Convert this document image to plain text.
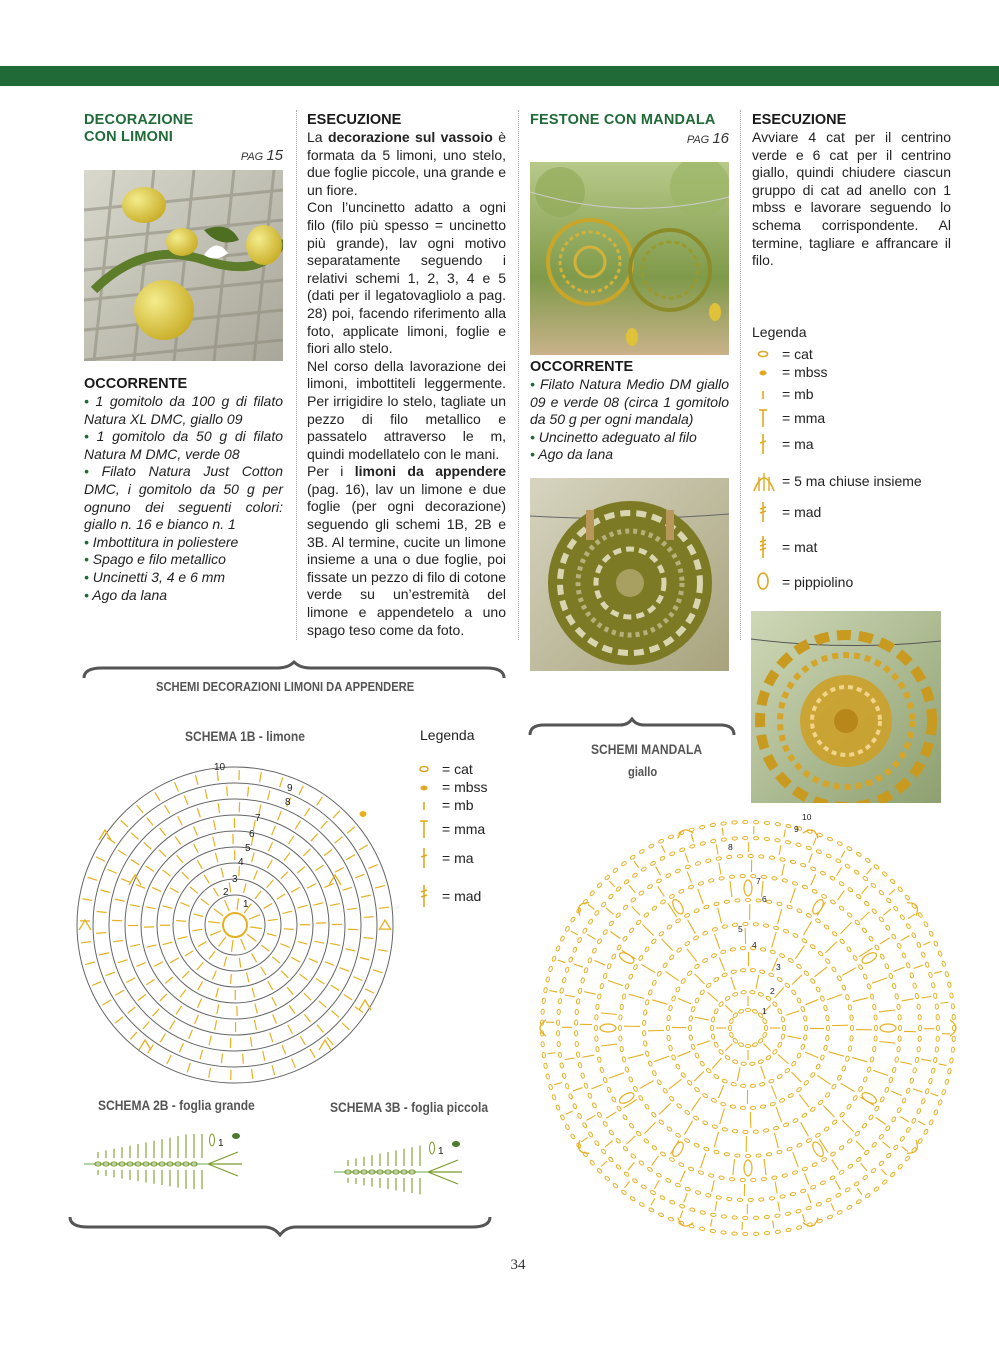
DECORAZIONE
CON LIMONI
PAG 15
OCCORRENTE
• 1 gomitolo da 100 g di filato Natura XL DMC, giallo 09
• 1 gomitolo da 50 g di filato Natura M DMC, verde 08
• Filato Natura Just Cotton DMC, i gomitolo da 50 g per ognuno dei seguenti colori: giallo n. 16 e bianco n. 1
• Imbottitura in poliestere
• Spago e filo metallico
• Uncinetti 3, 4 e 6 mm
• Ago da lana
ESECUZIONE
La decorazione sul vassoio è formata da 5 limoni, uno stelo, due foglie piccole, una grande e un fiore.
Con l’uncinetto adatto a ogni filo (filo più spesso = uncinetto più grande), lav ogni motivo separatamente seguendo i relativi schemi 1, 2, 3, 4 e 5 (dati per il legatovagliolo a pag. 28) poi, facendo riferimento alla foto, applicate limoni, foglie e fiori allo stelo.
Nel corso della lavorazione dei limoni, imbottiteli leggermente. Per irrigidire lo stelo, tagliate un pezzo di filo metallico e passatelo attraverso le m, quindi modellatelo con le mani.
Per i limoni da appendere (pag. 16), lav un limone e due foglie (per ogni decorazione) seguendo gli schemi 1B, 2B e 3B. Al termine, cucite un limone insieme a una o due foglie, poi fissate un pezzo di filo di cotone verde su un’estremità del limone e appendetelo a uno spago teso come da foto.
FESTONE CON MANDALA
PAG 16
OCCORRENTE
• Filato Natura Medio DM giallo 09 e verde 08 (circa 1 gomitolo da 50 g per ogni mandala)
• Uncinetto adeguato al filo
• Ago da lana
ESECUZIONE
Avviare 4 cat per il centrino verde e 6 cat per il centrino giallo, quindi chiudere ciascun gruppo di cat ad anello con 1 mbss e lavorare seguendo lo schema corrispondente. Al termine, tagliare e affrancare il filo.
Legenda
= cat
= mbss
= mb
= mma
= ma
= 5 ma chiuse insieme
= mad
= mat
= pippiolino
SCHEMI DECORAZIONI LIMONI DA APPENDERE
SCHEMA 1B - limone
1
2
3
4
5
6
7
8
9
10
Legenda
= cat
= mbss
= mb
= mma
= ma
= mad
SCHEMA 2B - foglia grande	SCHEMA 3B - foglia piccola
1
1
SCHEMI MANDALA
giallo
1
2
3
4
5
6
7
8
9
10
34
